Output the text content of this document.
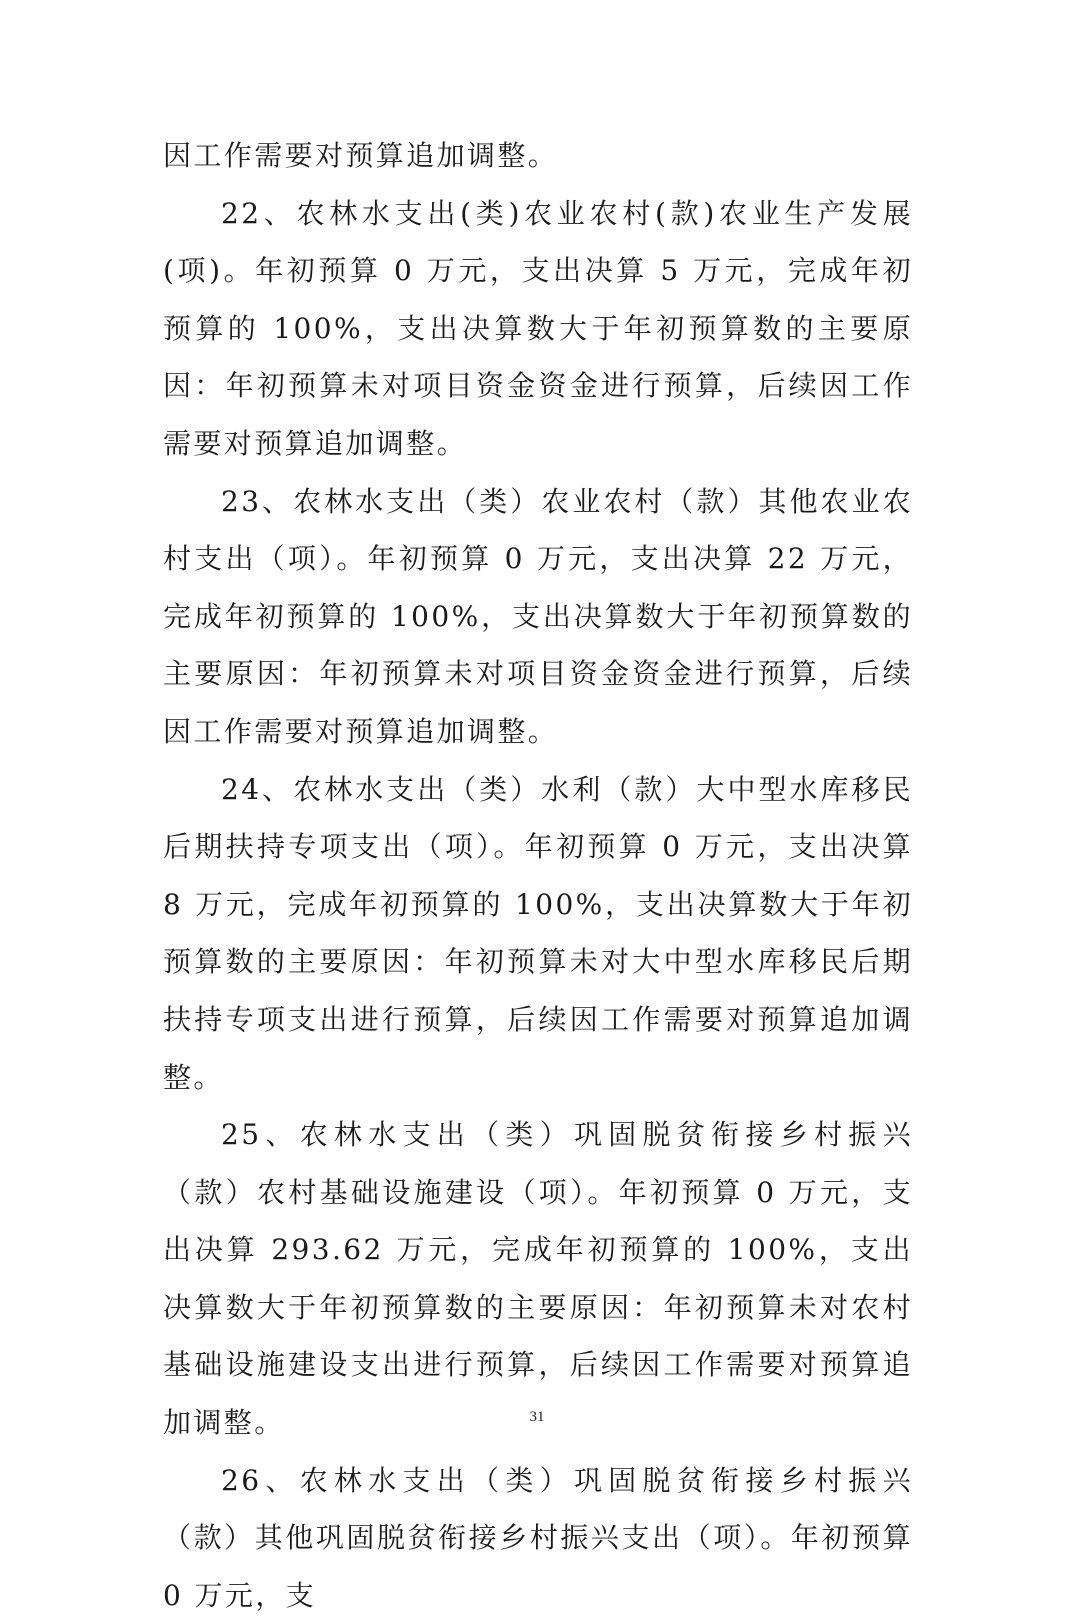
因工作需要对预算追加调整。

22、农林水支出(类)农业农村(款)农业生产发展(项)。年初预算 0 万元，支出决算 5 万元，完成年初预算的 100%，支出决算数大于年初预算数的主要原因：年初预算未对项目资金资金进行预算，后续因工作需要对预算追加调整。

23、农林水支出（类）农业农村（款）其他农业农村支出（项）。年初预算 0 万元，支出决算 22 万元，完成年初预算的 100%，支出决算数大于年初预算数的主要原因：年初预算未对项目资金资金进行预算，后续因工作需要对预算追加调整。

24、农林水支出（类）水利（款）大中型水库移民后期扶持专项支出（项）。年初预算 0 万元，支出决算 8 万元，完成年初预算的 100%，支出决算数大于年初预算数的主要原因：年初预算未对大中型水库移民后期扶持专项支出进行预算，后续因工作需要对预算追加调整。

25、农林水支出（类）巩固脱贫衔接乡村振兴（款）农村基础设施建设（项）。年初预算 0 万元，支出决算 293.62 万元，完成年初预算的 100%，支出决算数大于年初预算数的主要原因：年初预算未对农村基础设施建设支出进行预算，后续因工作需要对预算追加调整。

26、农林水支出（类）巩固脱贫衔接乡村振兴（款）其他巩固脱贫衔接乡村振兴支出（项）。年初预算 0 万元，支

31
